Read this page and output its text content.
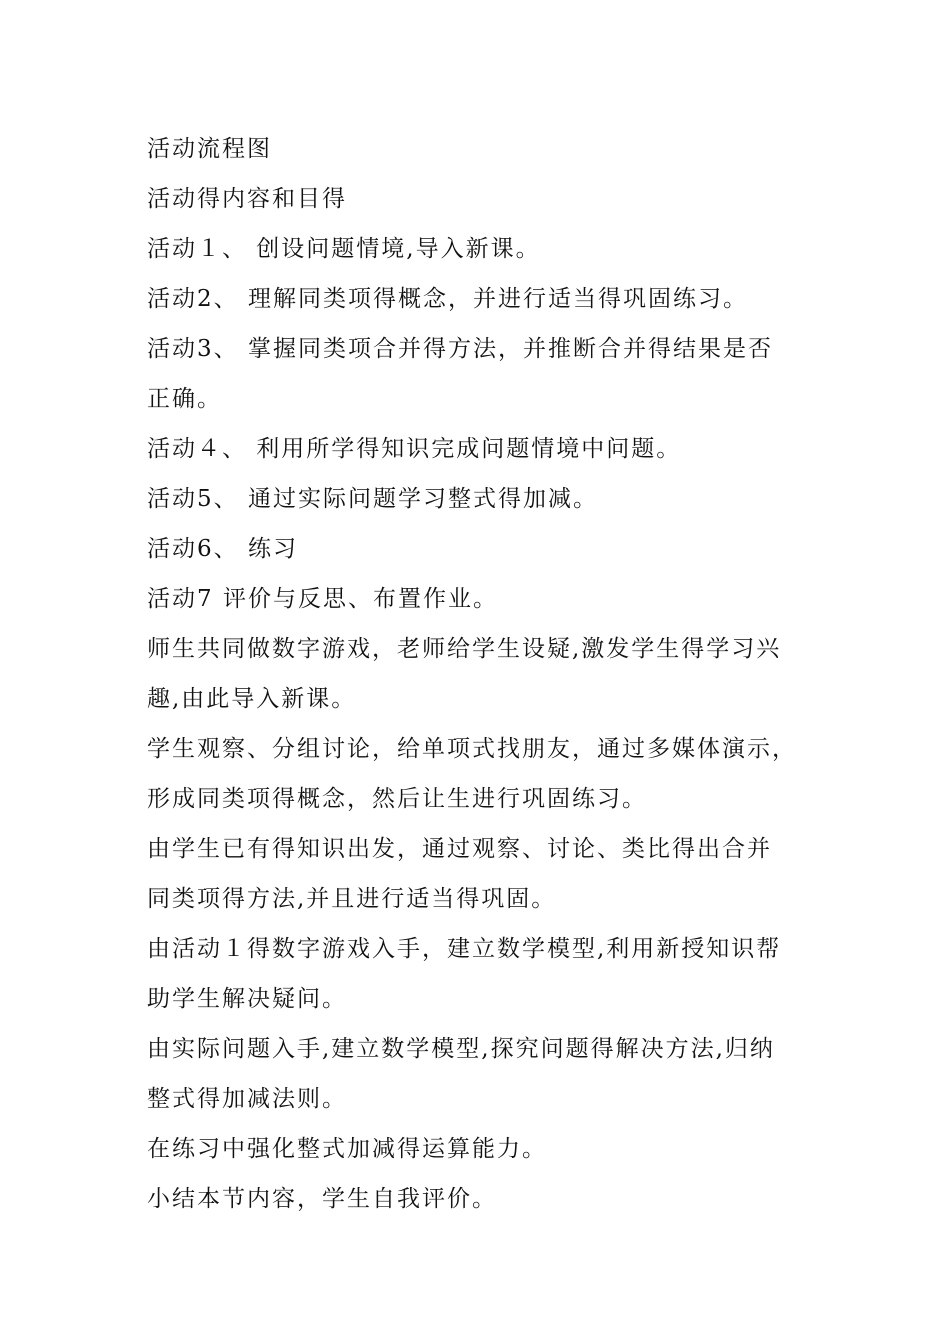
活动流程图
活动得内容和目得
活动１、 创设问题情境,导入新课。
活动2、 理解同类项得概念，并进行适当得巩固练习。
活动3、 掌握同类项合并得方法，并推断合并得结果是否
正确。
活动４、 利用所学得知识完成问题情境中问题。
活动5、 通过实际问题学习整式得加减。
活动6、 练习
活动7 评价与反思、布置作业。
师生共同做数字游戏，老师给学生设疑,激发学生得学习兴
趣,由此导入新课。
学生观察、分组讨论，给单项式找朋友，通过多媒体演示，
形成同类项得概念，然后让生进行巩固练习。
由学生已有得知识出发，通过观察、讨论、类比得出合并
同类项得方法,并且进行适当得巩固。
由活动１得数字游戏入手，建立数学模型,利用新授知识帮
助学生解决疑问。
由实际问题入手,建立数学模型,探究问题得解决方法,归纳
整式得加减法则。
在练习中强化整式加减得运算能力。
小结本节内容，学生自我评价。
